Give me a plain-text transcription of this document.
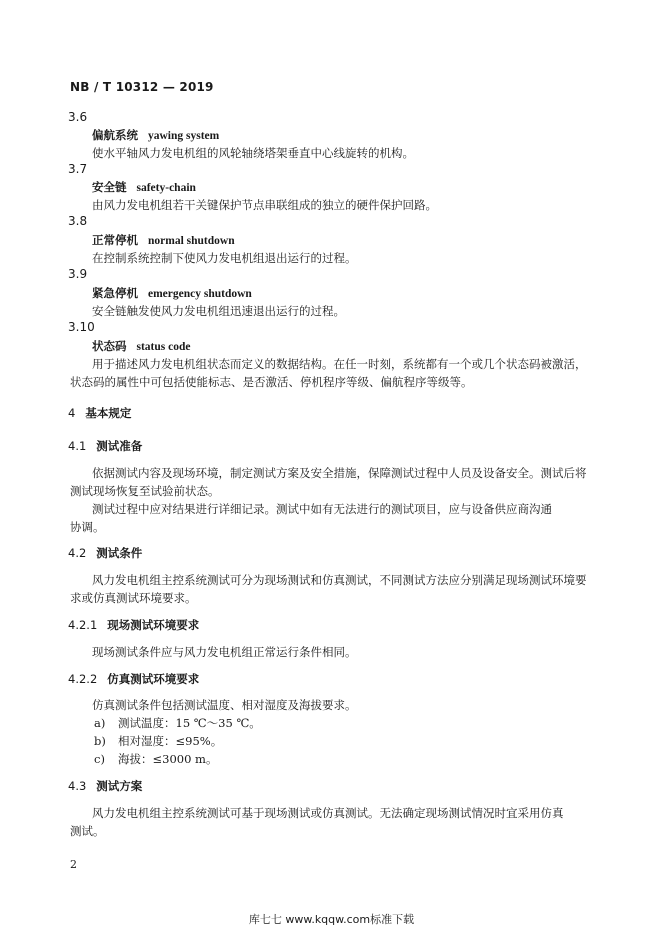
NB / T 10312 — 2019
3.6
偏航系统 yawing system
使水平轴风力发电机组的风轮轴绕塔架垂直中心线旋转的机构。
3.7
安全链 safety-chain
由风力发电机组若干关键保护节点串联组成的独立的硬件保护回路。
3.8
正常停机 normal shutdown
在控制系统控制下使风力发电机组退出运行的过程。
3.9
紧急停机 emergency shutdown
安全链触发使风力发电机组迅速退出运行的过程。
3.10
状态码 status code
用于描述风力发电机组状态而定义的数据结构。在任一时刻，系统都有一个或几个状态码被激活，
状态码的属性中可包括使能标志、是否激活、停机程序等级、偏航程序等级等。
4 基本规定
4.1 测试准备
依据测试内容及现场环境，制定测试方案及安全措施，保障测试过程中人员及设备安全。测试后将
测试现场恢复至试验前状态。
测试过程中应对结果进行详细记录。测试中如有无法进行的测试项目，应与设备供应商沟通
协调。
4.2 测试条件
风力发电机组主控系统测试可分为现场测试和仿真测试，不同测试方法应分别满足现场测试环境要
求或仿真测试环境要求。
4.2.1 现场测试环境要求
现场测试条件应与风力发电机组正常运行条件相同。
4.2.2 仿真测试环境要求
仿真测试条件包括测试温度、相对湿度及海拔要求。
a) 测试温度：15 ℃～35 ℃。
b) 相对湿度：≤95%。
c) 海拔：≤3000 m。
4.3 测试方案
风力发电机组主控系统测试可基于现场测试或仿真测试。无法确定现场测试情况时宜采用仿真
测试。
2
库七七 www.kqqw.com标准下载
